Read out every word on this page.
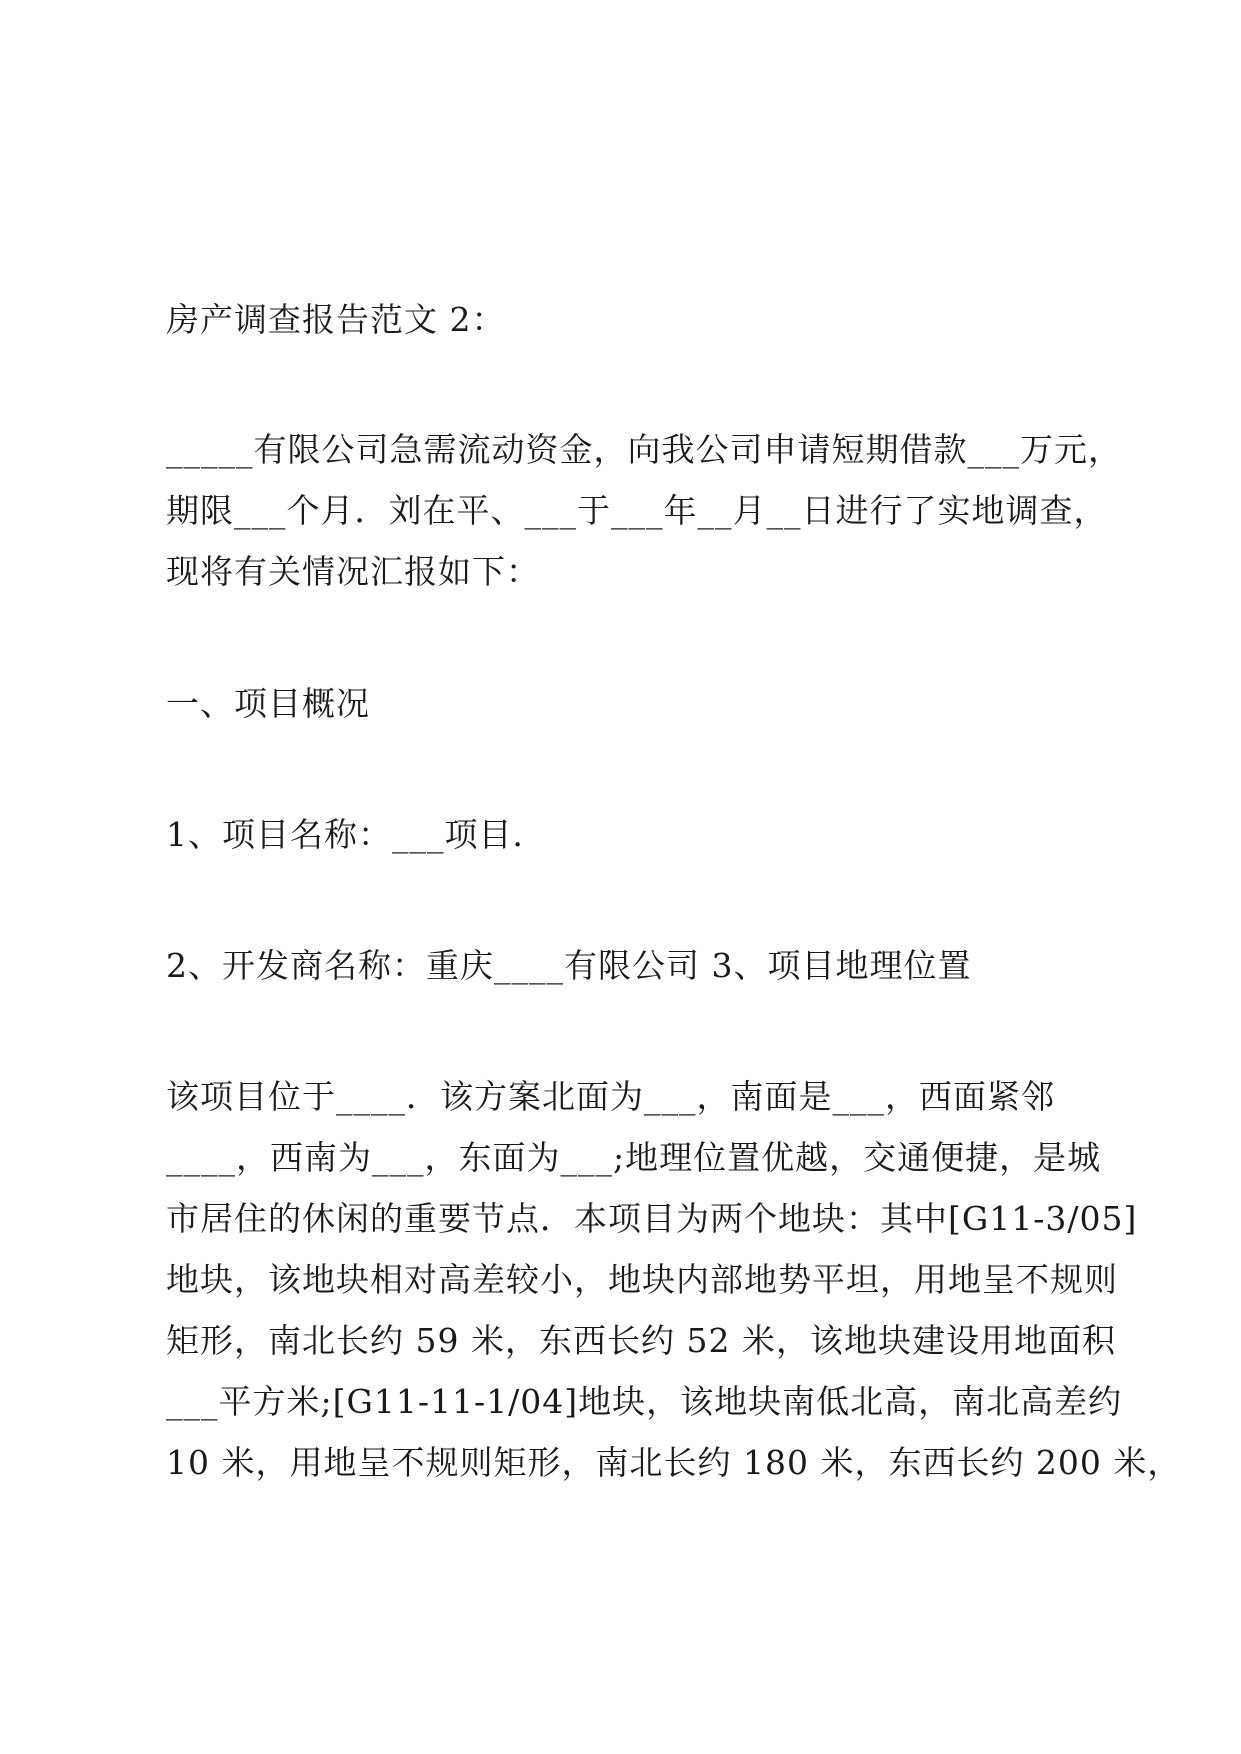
房产调查报告范文 2：
_____有限公司急需流动资金，向我公司申请短期借款___万元，
期限___个月．刘在平、___于___年__月__日进行了实地调查，
现将有关情况汇报如下：
一、项目概况
1、项目名称：___项目．
2、开发商名称：重庆____有限公司 3、项目地理位置
该项目位于____．该方案北面为___，南面是___，西面紧邻
____，西南为___，东面为___;地理位置优越，交通便捷，是城
市居住的休闲的重要节点．本项目为两个地块：其中[G11-3/05]
地块，该地块相对高差较小，地块内部地势平坦，用地呈不规则
矩形，南北长约 59 米，东西长约 52 米，该地块建设用地面积
___平方米;[G11-11-1/04]地块，该地块南低北高，南北高差约
10 米，用地呈不规则矩形，南北长约 180 米，东西长约 200 米，
